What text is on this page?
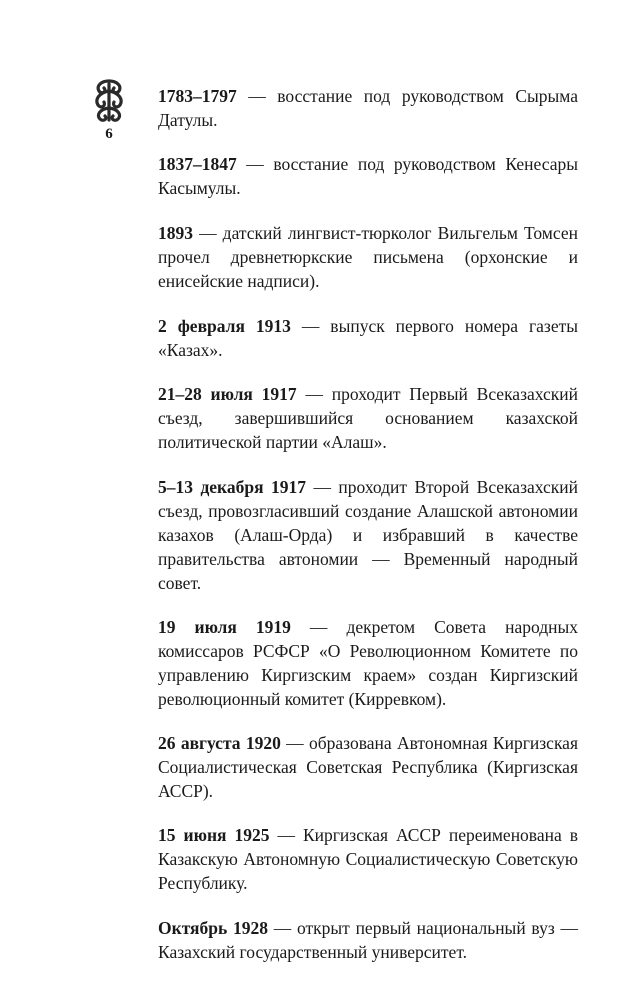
6

1783–1797 — восстание под руководством Сырыма Датулы.

1837–1847 — восстание под руководством Кенесары Касымулы.

1893 — датский лингвист-тюрколог Вильгельм Томсен прочел древнетюркские письмена (орхонские и енисейские надписи).

2 февраля 1913 — выпуск первого номера газеты «Казах».

21–28 июля 1917 — проходит Первый Всеказахский съезд, завершившийся основанием казахской политической партии «Алаш».

5–13 декабря 1917 — проходит Второй Всеказахский съезд, провозгласивший создание Алашской автономии казахов (Алаш-Орда) и избравший в качестве правительства автономии — Временный народный совет.

19 июля 1919 — декретом Совета народных комиссаров РСФСР «О Революционном Комитете по управлению Киргизским краем» создан Киргизский революционный комитет (Кирревком).

26 августа 1920 — образована Автономная Киргизская Социалистическая Советская Республика (Киргизская АССР).

15 июня 1925 — Киргизская АССР переименована в Казакскую Автономную Социалистическую Советскую Республику.

Октябрь 1928 — открыт первый национальный вуз — Казахский государственный университет.
